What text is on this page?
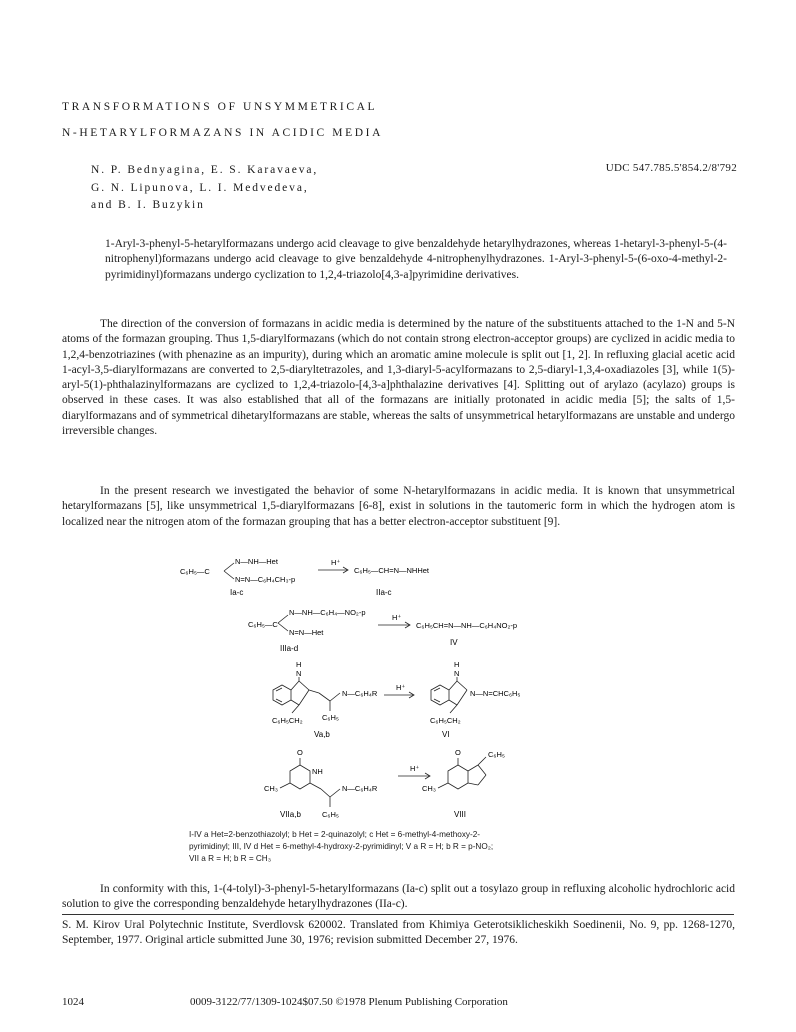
TRANSFORMATIONS OF UNSYMMETRICAL
N-HETARYLFORMAZANS IN ACIDIC MEDIA
N. P. Bednyagina, E. S. Karavaeva,
G. N. Lipunova, L. I. Medvedeva,
and B. I. Buzykin
UDC 547.785.5'854.2/8'792
1-Aryl-3-phenyl-5-hetarylformazans undergo acid cleavage to give benzaldehyde hetarylhydrazones, whereas 1-hetaryl-3-phenyl-5-(4-nitrophenyl)formazans undergo acid cleavage to give benzaldehyde 4-nitrophenylhydrazones. 1-Aryl-3-phenyl-5-(6-oxo-4-methyl-2-pyrimidinyl)formazans undergo cyclization to 1,2,4-triazolo[4,3-a]pyrimidine derivatives.

The direction of the conversion of formazans in acidic media is determined by the nature of the substituents attached to the 1-N and 5-N atoms of the formazan grouping. Thus 1,5-diarylformazans (which do not contain strong electron-acceptor groups) are cyclized in acidic media to 1,2,4-benzotriazines (with phenazine as an impurity), during which an aromatic amine molecule is split out [1, 2]. In refluxing glacial acetic acid 1-acyl-3,5-diarylformazans are converted to 2,5-diaryltetrazoles, and 1,3-diaryl-5-acylformazans to 2,5-diaryl-1,3,4-oxadiazoles [3], while 1(5)-aryl-5(1)-phthalazinylformazans are cyclized to 1,2,4-triazolo-[4,3-a]phthalazine derivatives [4]. Splitting out of arylazo (acylazo) groups is observed in these cases. It was also established that all of the formazans are initially protonated in acidic media [5]; the salts of 1,5-diarylformazans and of symmetrical dihetarylformazans are stable, whereas the salts of unsymmetrical hetarylformazans are unstable and undergo irreversible changes.

In the present research we investigated the behavior of some N-hetarylformazans in acidic media. It is known that unsymmetrical hetarylformazans [5], like unsymmetrical 1,5-diarylformazans [6-8], exist in solutions in the tautomeric form in which the hydrogen atom is localized near the nitrogen atom of the formazan grouping that has a better electron-acceptor substituent [9].

N—NH—Het
C₆H₅—C
N=N—C₆H₄CH₃-p
Ia-c
H⁺
C₆H₅—CH=N—NHHet
IIa-c
N—NH—C₆H₄—NO₂-p
C₆H₅—C
N=N—Het
IIIa-d
H⁺
C₆H₅CH=N—NH—C₆H₄NO₂-p
IV
H
N
N—C₆H₄R
C₆H₅CH₂	C₆H₅
Va,b
H⁺
H
N
N—N=CHC₆H₅
C₆H₅CH₂
VI
O
NH
CH₃	N—C₆H₄R
C₆H₅
VIIa,b
H⁺
O
CH₃
C₆H₅
VIII
I-IV a Het=2-benzothiazolyl; b Het = 2-quinazolyl; c Het = 6-methyl-4-methoxy-2-
pyrimidinyl; III, IV d Het = 6-methyl-4-hydroxy-2-pyrimidinyl; V a R = H; b R = p-NO₂;
VII a R = H; b R = CH₃
In conformity with this, 1-(4-tolyl)-3-phenyl-5-hetarylformazans (Ia-c) split out a tosylazo group in refluxing alcoholic hydrochloric acid solution to give the corresponding benzaldehyde hetarylhydrazones (IIa-c).
S. M. Kirov Ural Polytechnic Institute, Sverdlovsk 620002. Translated from Khimiya Geterotsiklicheskikh Soedinenii, No. 9, pp. 1268-1270, September, 1977. Original article submitted June 30, 1976; revision submitted December 27, 1976.
1024	0009-3122/77/1309-1024$07.50 ©1978 Plenum Publishing Corporation
